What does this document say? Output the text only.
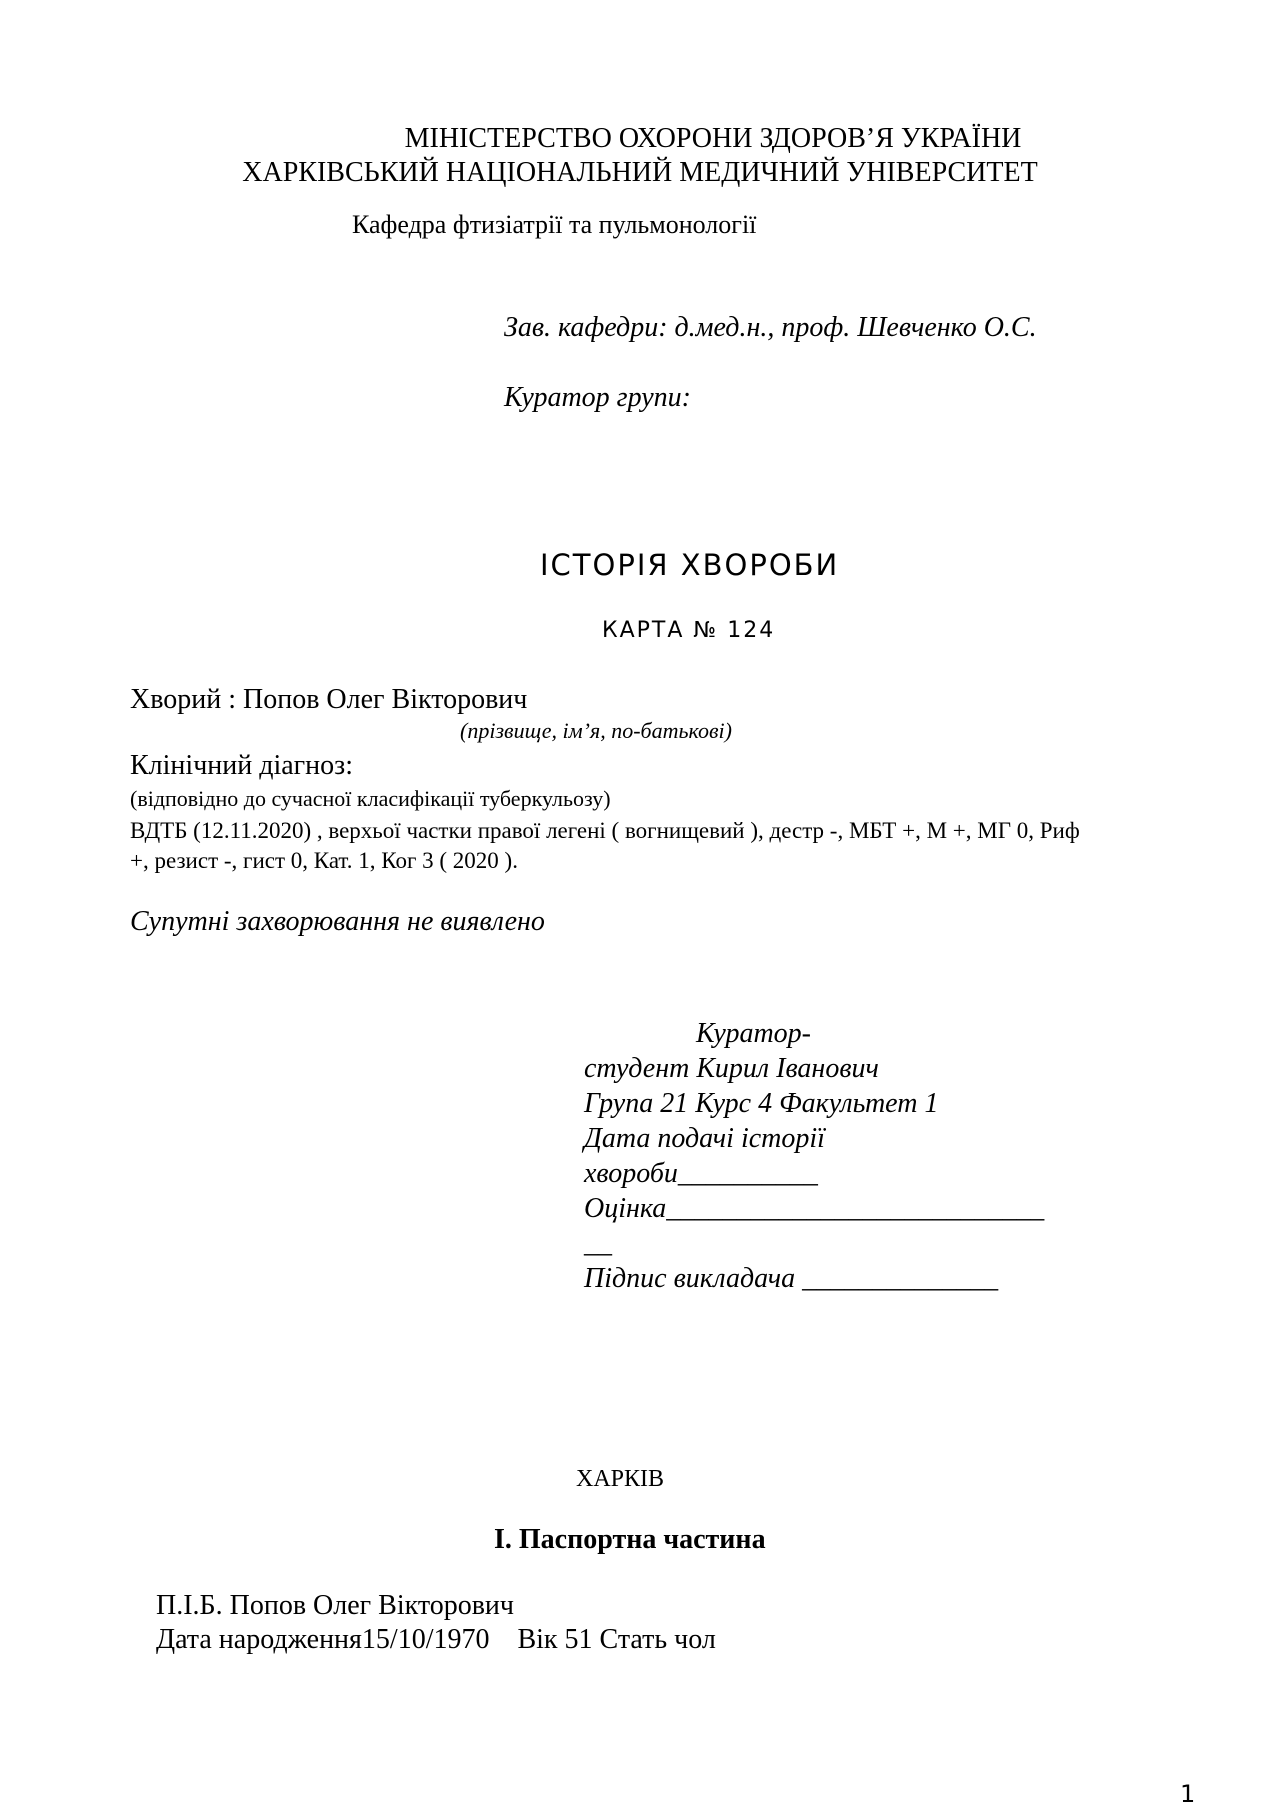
МІНІСТЕРСТВО ОХОРОНИ ЗДОРОВ’Я УКРАЇНИ
ХАРКІВСЬКИЙ НАЦІОНАЛЬНИЙ МЕДИЧНИЙ УНІВЕРСИТЕТ
Кафедра фтизіатрії та пульмонології
Зав. кафедри: д.мед.н., проф. Шевченко О.С.
Куратор групи:
ІСТОРІЯ ХВОРОБИ
КАРТА № 124
Хворий : Попов Олег Вікторович
(прізвище, ім’я, по-батькові)
Клінічний діагноз:
(відповідно до сучасної класифікації туберкульозу)
ВДТБ (12.11.2020) , верхьої частки правої легені ( вогнищевий ), дестр -, МБТ +, М +, МГ 0, Риф +, резист -, гист 0, Кат. 1, Ког 3 ( 2020 ).
Супутні захворювання не виявлено
Куратор-
студент Кирил Іванович
Група 21 Курс 4 Факультет 1
Дата подачі історії
хвороби__________
Оцінка___________________________
__
Підпис викладача ______________
ХАРКІВ
І. Паспортна частина
П.І.Б. Попов Олег Вікторович
Дата народження15/10/1970    Вік 51 Стать чол
1
